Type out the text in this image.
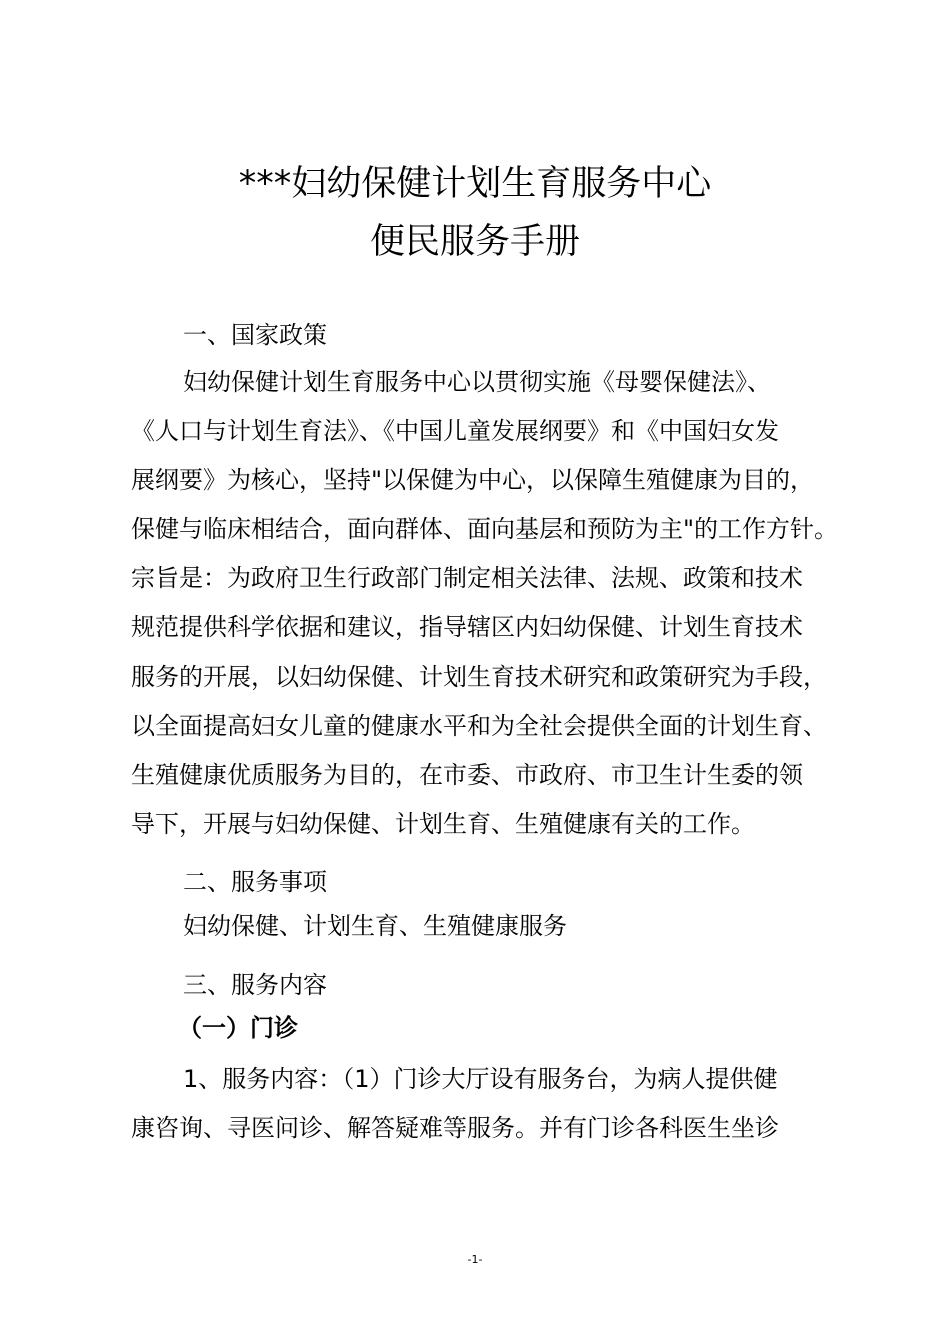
***妇幼保健计划生育服务中心
便民服务手册
一、国家政策
妇幼保健计划生育服务中心以贯彻实施《母婴保健法》、
《人口与计划生育法》、《中国儿童发展纲要》和《中国妇女发
展纲要》为核心，坚持"以保健为中心，以保障生殖健康为目的，
保健与临床相结合，面向群体、面向基层和预防为主"的工作方针。
宗旨是：为政府卫生行政部门制定相关法律、法规、政策和技术
规范提供科学依据和建议，指导辖区内妇幼保健、计划生育技术
服务的开展，以妇幼保健、计划生育技术研究和政策研究为手段，
以全面提高妇女儿童的健康水平和为全社会提供全面的计划生育、
生殖健康优质服务为目的，在市委、市政府、市卫生计生委的领
导下，开展与妇幼保健、计划生育、生殖健康有关的工作。
二、服务事项
妇幼保健、计划生育、生殖健康服务
三、服务内容
（一）门诊
1、服务内容：（1）门诊大厅设有服务台，为病人提供健
康咨询、寻医问诊、解答疑难等服务。并有门诊各科医生坐诊
-1-
